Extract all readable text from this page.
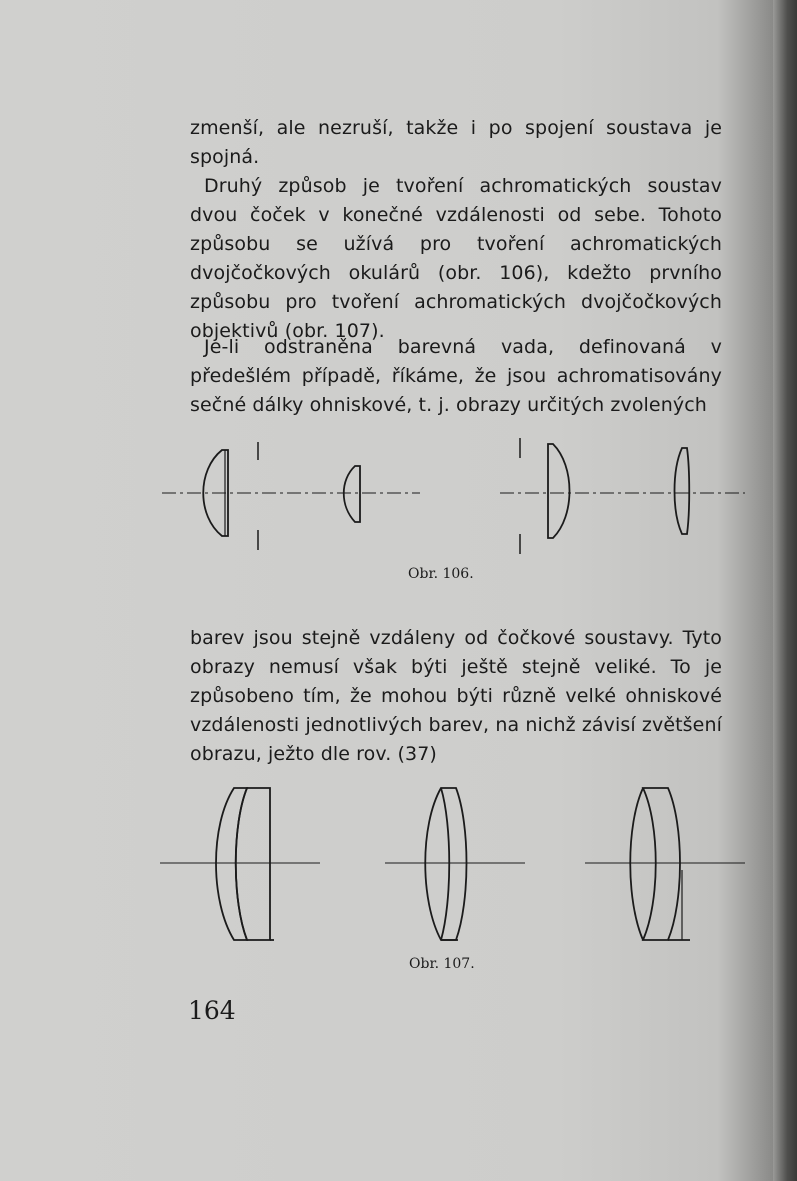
zmenší, ale nezruší, takže i po spojení soustava je spojná.

Druhý způsob je tvoření achromatických soustav dvou čoček v konečné vzdálenosti od sebe. Tohoto způsobu se užívá pro tvoření achromatických dvojčočkových okulárů (obr. 106), kdežto prvního způsobu pro tvoření achromatických dvojčočkových objektivů (obr. 107).

Je-li odstraněna barevná vada, definovaná v předešlém případě, říkáme, že jsou achromatisovány sečné dálky ohniskové, t. j. obrazy určitých zvolených

Obr. 106.

barev jsou stejně vzdáleny od čočkové soustavy. Tyto obrazy nemusí však býti ještě stejně veliké. To je způsobeno tím, že mohou býti různě velké ohniskové vzdálenosti jednotlivých barev, na nichž závisí zvětšení obrazu, ježto dle rov. (37)

Obr. 107.

164
